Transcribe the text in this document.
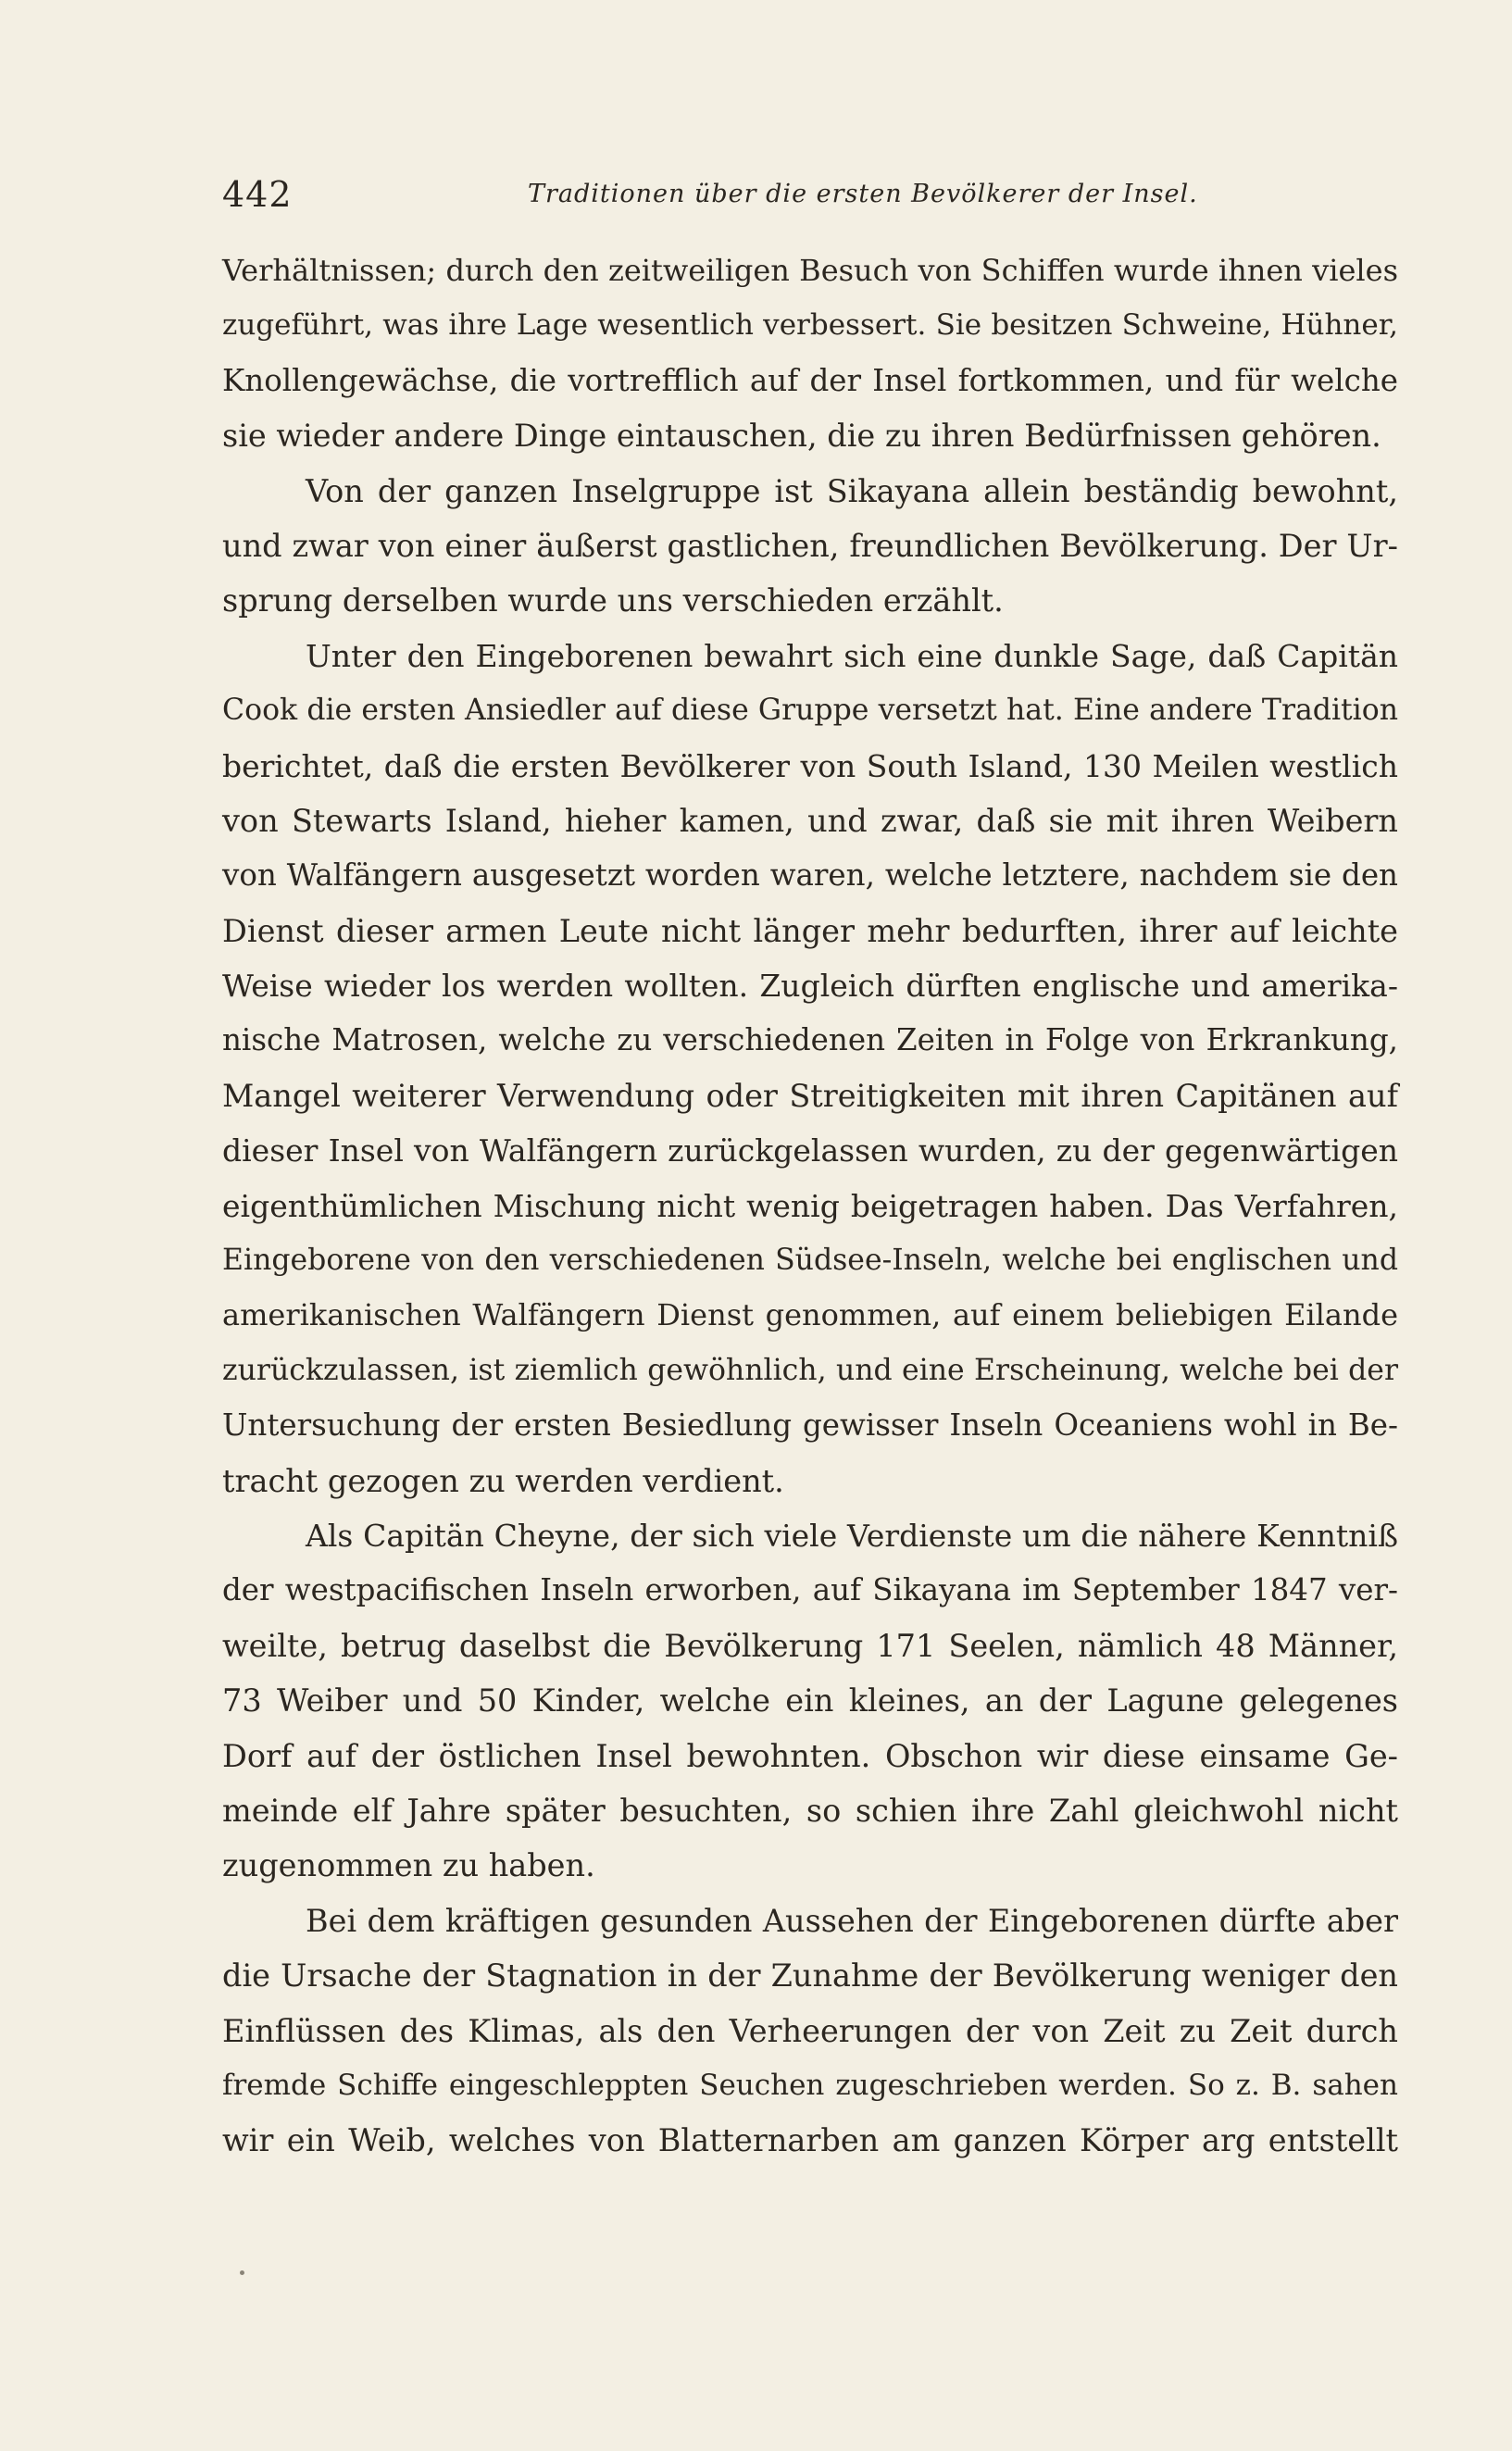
442	Traditionen über die ersten Bevölkerer der Insel.
Verhältnissen; durch den zeitweiligen Besuch von Schiffen wurde ihnen vieles
zugeführt, was ihre Lage wesentlich verbessert. Sie besitzen Schweine, Hühner,
Knollengewächse, die vortrefflich auf der Insel fortkommen, und für welche
sie wieder andere Dinge eintauschen, die zu ihren Bedürfnissen gehören.
Von der ganzen Inselgruppe ist Sikayana allein beständig bewohnt,
und zwar von einer äußerst gastlichen, freundlichen Bevölkerung. Der Ur-
sprung derselben wurde uns verschieden erzählt.
Unter den Eingeborenen bewahrt sich eine dunkle Sage, daß Capitän
Cook die ersten Ansiedler auf diese Gruppe versetzt hat. Eine andere Tradition
berichtet, daß die ersten Bevölkerer von South Island, 130 Meilen westlich
von Stewarts Island, hieher kamen, und zwar, daß sie mit ihren Weibern
von Walfängern ausgesetzt worden waren, welche letztere, nachdem sie den
Dienst dieser armen Leute nicht länger mehr bedurften, ihrer auf leichte
Weise wieder los werden wollten. Zugleich dürften englische und amerika-
nische Matrosen, welche zu verschiedenen Zeiten in Folge von Erkrankung,
Mangel weiterer Verwendung oder Streitigkeiten mit ihren Capitänen auf
dieser Insel von Walfängern zurückgelassen wurden, zu der gegenwärtigen
eigenthümlichen Mischung nicht wenig beigetragen haben. Das Verfahren,
Eingeborene von den verschiedenen Südsee-Inseln, welche bei englischen und
amerikanischen Walfängern Dienst genommen, auf einem beliebigen Eilande
zurückzulassen, ist ziemlich gewöhnlich, und eine Erscheinung, welche bei der
Untersuchung der ersten Besiedlung gewisser Inseln Oceaniens wohl in Be-
tracht gezogen zu werden verdient.
Als Capitän Cheyne, der sich viele Verdienste um die nähere Kenntniß
der westpacifischen Inseln erworben, auf Sikayana im September 1847 ver-
weilte, betrug daselbst die Bevölkerung 171 Seelen, nämlich 48 Männer,
73 Weiber und 50 Kinder, welche ein kleines, an der Lagune gelegenes
Dorf auf der östlichen Insel bewohnten. Obschon wir diese einsame Ge-
meinde elf Jahre später besuchten, so schien ihre Zahl gleichwohl nicht
zugenommen zu haben.
Bei dem kräftigen gesunden Aussehen der Eingeborenen dürfte aber
die Ursache der Stagnation in der Zunahme der Bevölkerung weniger den
Einflüssen des Klimas, als den Verheerungen der von Zeit zu Zeit durch
fremde Schiffe eingeschleppten Seuchen zugeschrieben werden. So z. B. sahen
wir ein Weib, welches von Blatternarben am ganzen Körper arg entstellt
